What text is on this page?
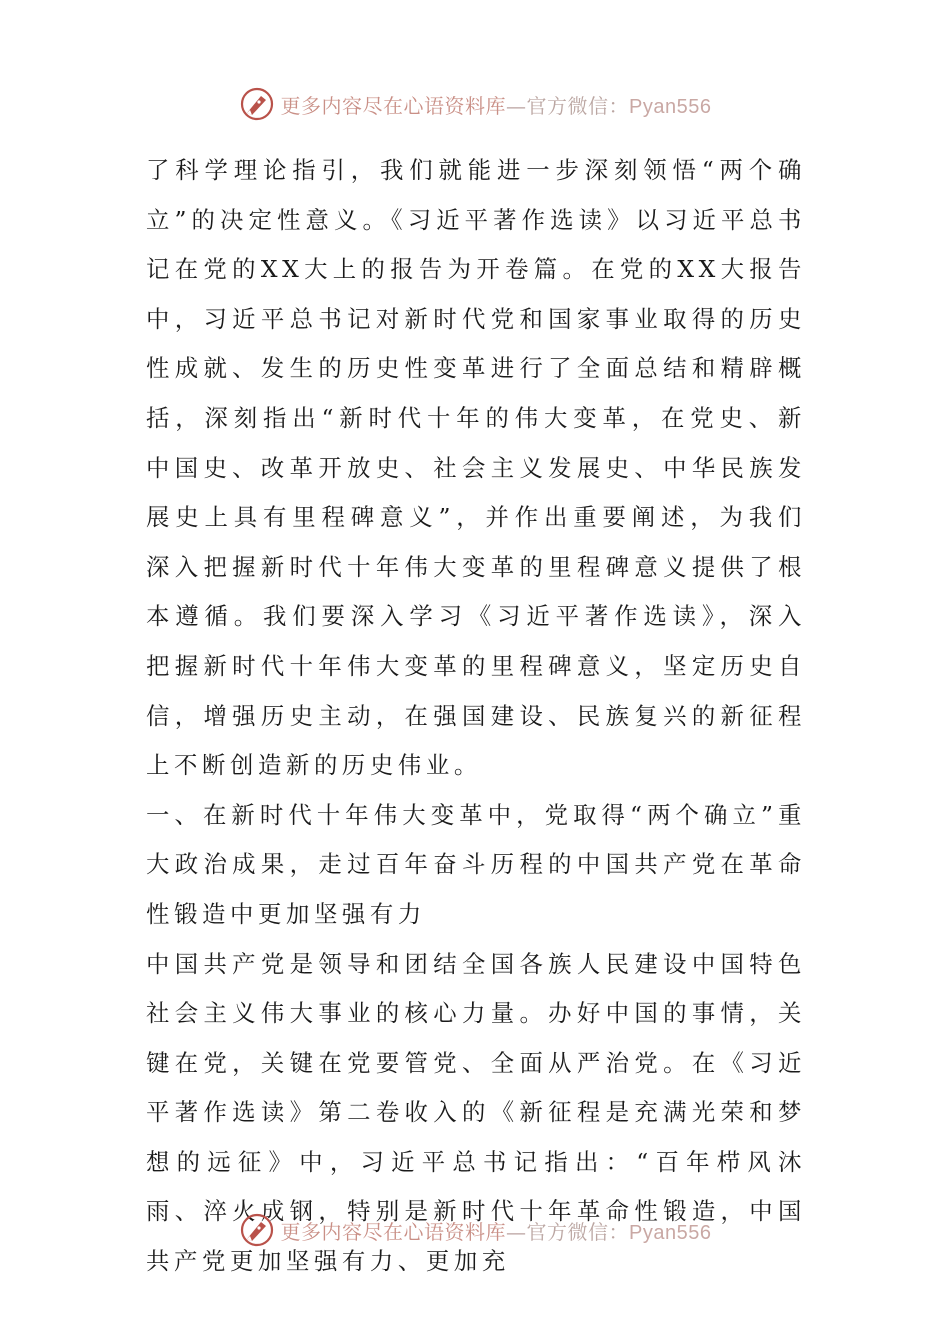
更多内容尽在心语资料库—官方微信：Pyan556

了科学理论指引，我们就能进一步深刻领悟“两个确立”的决定性意义。《习近平著作选读》以习近平总书记在党的XX大上的报告为开卷篇。在党的XX大报告中，习近平总书记对新时代党和国家事业取得的历史性成就、发生的历史性变革进行了全面总结和精辟概括，深刻指出“新时代十年的伟大变革，在党史、新中国史、改革开放史、社会主义发展史、中华民族发展史上具有里程碑意义”，并作出重要阐述，为我们深入把握新时代十年伟大变革的里程碑意义提供了根本遵循。我们要深入学习《习近平著作选读》，深入把握新时代十年伟大变革的里程碑意义，坚定历史自信，增强历史主动，在强国建设、民族复兴的新征程上不断创造新的历史伟业。

一、在新时代十年伟大变革中，党取得“两个确立”重大政治成果，走过百年奋斗历程的中国共产党在革命性锻造中更加坚强有力

中国共产党是领导和团结全国各族人民建设中国特色社会主义伟大事业的核心力量。办好中国的事情，关键在党，关键在党要管党、全面从严治党。在《习近平著作选读》第二卷收入的《新征程是充满光荣和梦想的远征》中，习近平总书记指出：“百年栉风沐雨、淬火成钢，特别是新时代十年革命性锻造，中国共产党更加坚强有力、更加充

更多内容尽在心语资料库—官方微信：Pyan556
